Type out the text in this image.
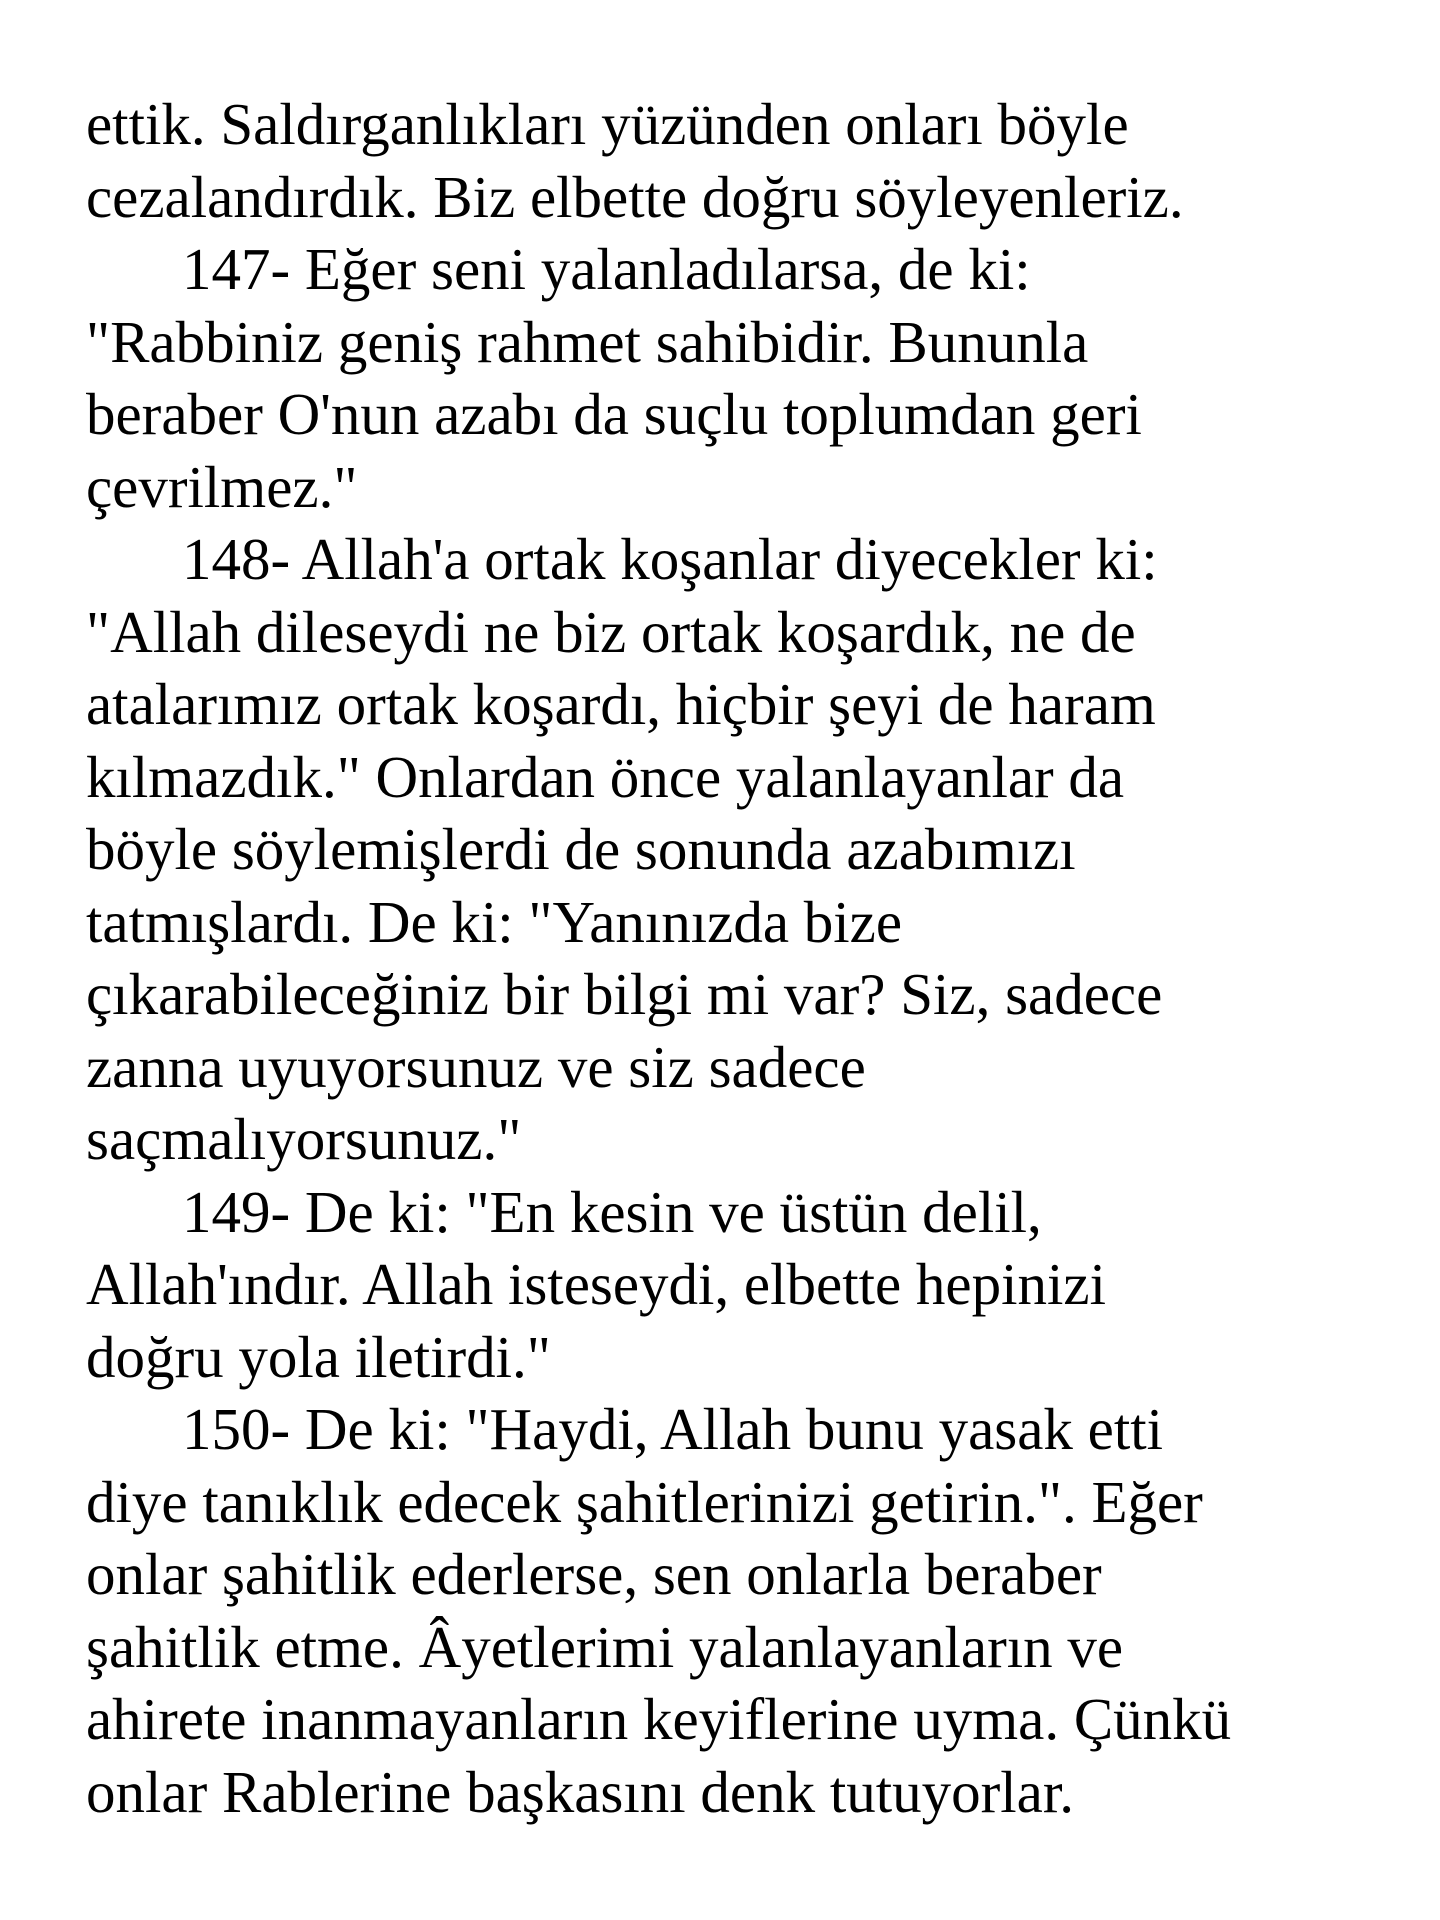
ettik. Saldırganlıkları yüzünden onları böyle
cezalandırdık. Biz elbette doğru söyleyenleriz.
147- Eğer seni yalanladılarsa, de ki:
"Rabbiniz geniş rahmet sahibidir. Bununla
beraber O'nun azabı da suçlu toplumdan geri
çevrilmez."
148- Allah'a ortak koşanlar diyecekler ki:
"Allah dileseydi ne biz ortak koşardık, ne de
atalarımız ortak koşardı, hiçbir şeyi de haram
kılmazdık." Onlardan önce yalanlayanlar da
böyle söylemişlerdi de sonunda azabımızı
tatmışlardı. De ki: "Yanınızda bize
çıkarabileceğiniz bir bilgi mi var? Siz, sadece
zanna uyuyorsunuz ve siz sadece
saçmalıyorsunuz."
149- De ki: "En kesin ve üstün delil,
Allah'ındır. Allah isteseydi, elbette hepinizi
doğru yola iletirdi."
150- De ki: "Haydi, Allah bunu yasak etti
diye tanıklık edecek şahitlerinizi getirin.". Eğer
onlar şahitlik ederlerse, sen onlarla beraber
şahitlik etme. Âyetlerimi yalanlayanların ve
ahirete inanmayanların keyiflerine uyma. Çünkü
onlar Rablerine başkasını denk tutuyorlar.
